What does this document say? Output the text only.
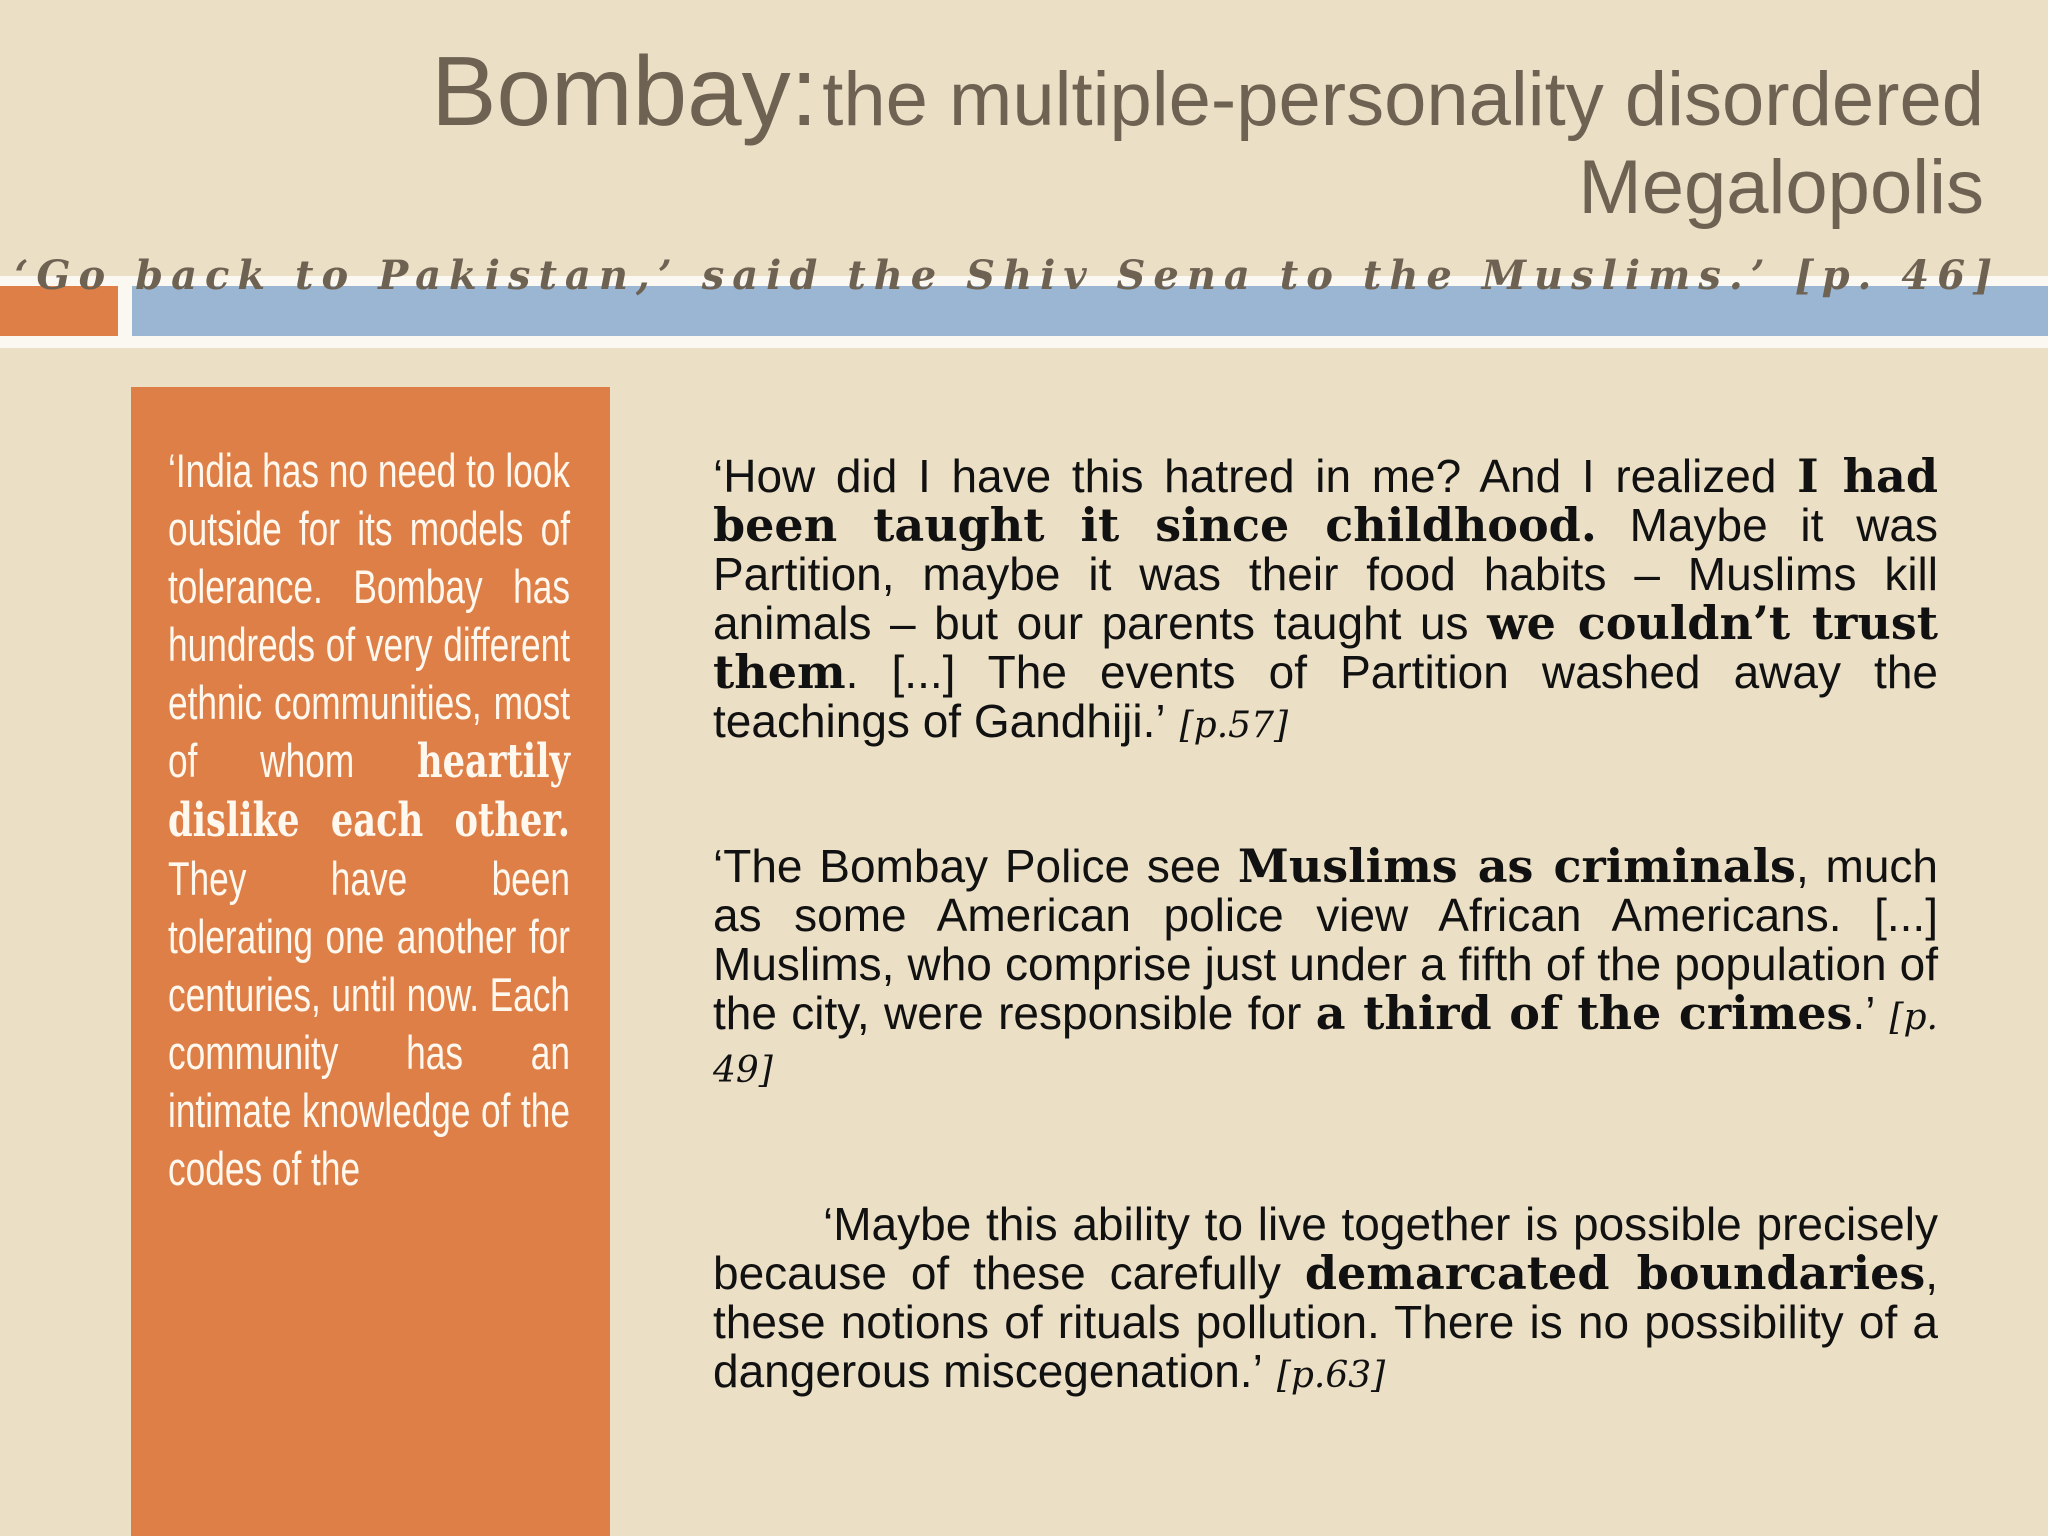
Bombay: the multiple-personality disordered
Megalopolis
‘Go back to Pakistan,’ said the Shiv Sena to the Muslims.’ [p. 46]

‘India has no need to look outside for its models of tolerance. Bombay has hundreds of very different ethnic communities, most of whom heartily dislike each other. They have been tolerating one another for centuries, until now. Each community has an intimate knowledge of the codes of the

‘How did I have this hatred in me? And I realized I had been taught it since childhood. Maybe it was Partition, maybe it was their food habits – Muslims kill animals – but our parents taught us we couldn’t trust them. [...] The events of Partition washed away the teachings of Gandhiji.’ [p.57]

‘The Bombay Police see Muslims as criminals, much as some American police view African Americans. [...] Muslims, who comprise just under a fifth of the population of the city, were responsible for a third of the crimes.’ [p. 49]

‘Maybe this ability to live together is possible precisely because of these carefully demarcated boundaries, these notions of rituals pollution. There is no possibility of a dangerous miscegenation.’ [p.63]
